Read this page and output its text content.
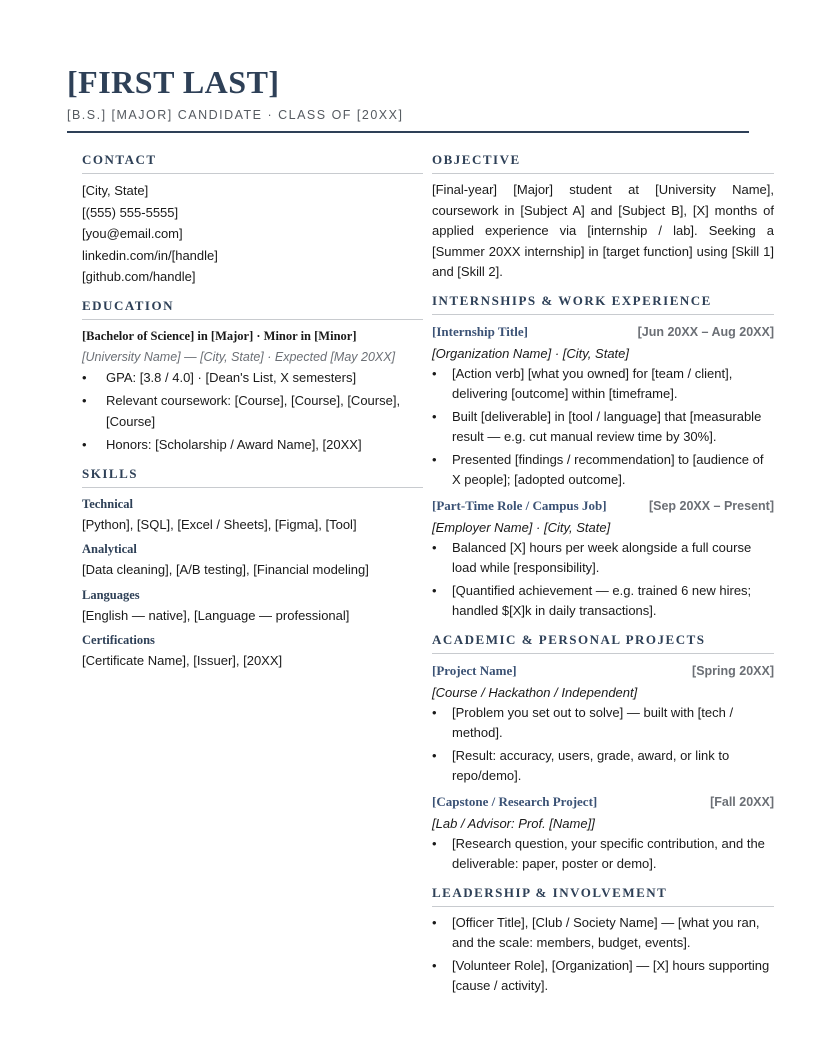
[FIRST LAST]
[B.S.] [MAJOR] CANDIDATE · CLASS OF [20XX]
CONTACT
[City, State]
[(555) 555-5555]
[you@email.com]
linkedin.com/in/[handle]
[github.com/handle]
EDUCATION
[Bachelor of Science] in [Major] · Minor in [Minor]
[University Name] — [City, State] · Expected [May 20XX]
• GPA: [3.8 / 4.0] · [Dean's List, X semesters]
• Relevant coursework: [Course], [Course], [Course], [Course]
• Honors: [Scholarship / Award Name], [20XX]
SKILLS
Technical
[Python], [SQL], [Excel / Sheets], [Figma], [Tool]
Analytical
[Data cleaning], [A/B testing], [Financial modeling]
Languages
[English — native], [Language — professional]
Certifications
[Certificate Name], [Issuer], [20XX]
OBJECTIVE
[Final-year] [Major] student at [University Name], coursework in [Subject A] and [Subject B], [X] months of applied experience via [internship / lab]. Seeking a [Summer 20XX internship] in [target function] using [Skill 1] and [Skill 2].
INTERNSHIPS & WORK EXPERIENCE
[Internship Title]	[Jun 20XX – Aug 20XX]
[Organization Name] · [City, State]
• [Action verb] [what you owned] for [team / client], delivering [outcome] within [timeframe].
• Built [deliverable] in [tool / language] that [measurable result — e.g. cut manual review time by 30%].
• Presented [findings / recommendation] to [audience of X people]; [adopted outcome].
[Part-Time Role / Campus Job]	[Sep 20XX – Present]
[Employer Name] · [City, State]
• Balanced [X] hours per week alongside a full course load while [responsibility].
• [Quantified achievement — e.g. trained 6 new hires; handled $[X]k in daily transactions].
ACADEMIC & PERSONAL PROJECTS
[Project Name]	[Spring 20XX]
[Course / Hackathon / Independent]
• [Problem you set out to solve] — built with [tech / method].
• [Result: accuracy, users, grade, award, or link to repo/demo].
[Capstone / Research Project]	[Fall 20XX]
[Lab / Advisor: Prof. [Name]]
• [Research question, your specific contribution, and the deliverable: paper, poster or demo].
LEADERSHIP & INVOLVEMENT
• [Officer Title], [Club / Society Name] — [what you ran, and the scale: members, budget, events].
• [Volunteer Role], [Organization] — [X] hours supporting [cause / activity].
